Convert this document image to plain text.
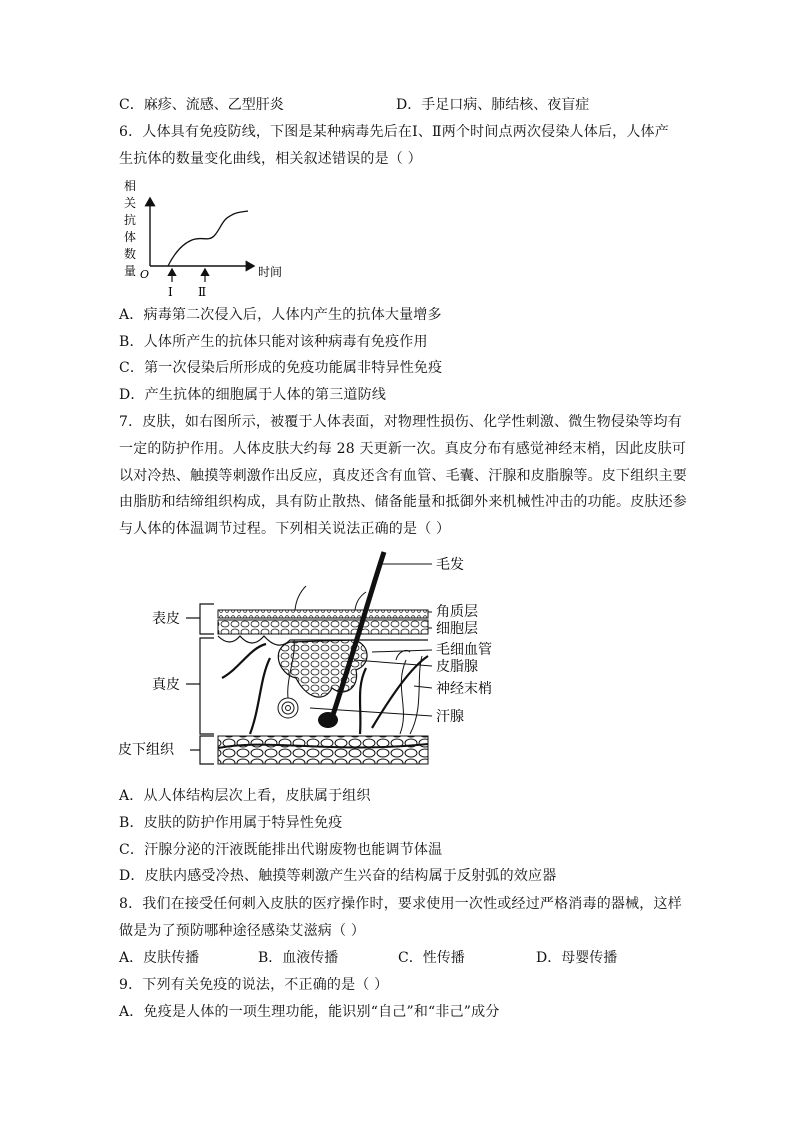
C．麻疹、流感、乙型肝炎	D．手足口病、肺结核、夜盲症
6．人体具有免疫防线，下图是某种病毒先后在Ⅰ、Ⅱ两个时间点两次侵染人体后，人体产
生抗体的数量变化曲线，相关叙述错误的是（ ）
相
关
抗
体
数
量 O	时间
Ⅰ Ⅱ
A．病毒第二次侵入后，人体内产生的抗体大量增多
B．人体所产生的抗体只能对该种病毒有免疫作用
C．第一次侵染后所形成的免疫功能属非特异性免疫
D．产生抗体的细胞属于人体的第三道防线
7．皮肤，如右图所示，被覆于人体表面，对物理性损伤、化学性刺激、微生物侵染等均有
一定的防护作用。人体皮肤大约每 28 天更新一次。真皮分布有感觉神经末梢，因此皮肤可
以对冷热、触摸等刺激作出反应，真皮还含有血管、毛囊、汗腺和皮脂腺等。皮下组织主要
由脂肪和结缔组织构成，具有防止散热、储备能量和抵御外来机械性冲击的功能。皮肤还参
与人体的体温调节过程。下列相关说法正确的是（ ）
表皮
真皮
皮下组织
毛发
角质层
细胞层
毛细血管
皮脂腺
神经末梢
汗腺
A．从人体结构层次上看，皮肤属于组织
B．皮肤的防护作用属于特异性免疫
C．汗腺分泌的汗液既能排出代谢废物也能调节体温
D．皮肤内感受冷热、触摸等刺激产生兴奋的结构属于反射弧的效应器
8．我们在接受任何刺入皮肤的医疗操作时，要求使用一次性或经过严格消毒的器械，这样
做是为了预防哪种途径感染艾滋病（ ）
A．皮肤传播	B．血液传播	C．性传播	D．母婴传播
9．下列有关免疫的说法，不正确的是（ ）
A．免疫是人体的一项生理功能，能识别“自己”和“非己”成分
